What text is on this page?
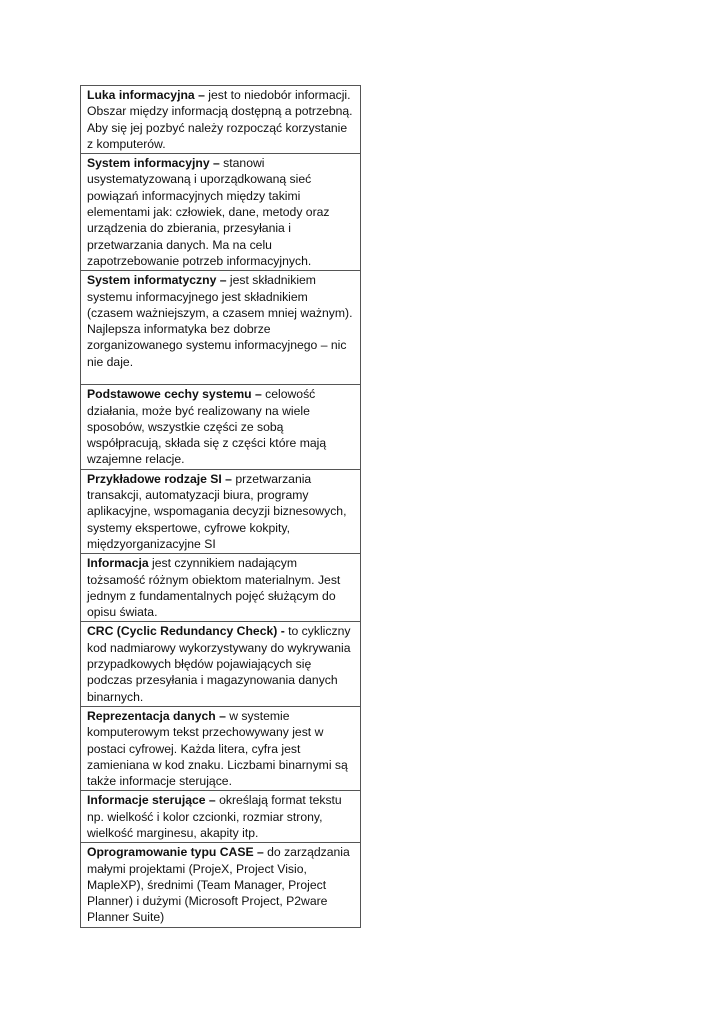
Luka informacyjna – jest to niedobór informacji. Obszar między informacją dostępną a potrzebną. Aby się jej pozbyć należy rozpocząć korzystanie z komputerów.
System informacyjny – stanowi usystematyzowaną i uporządkowaną sieć powiązań informacyjnych między takimi elementami jak: człowiek, dane, metody oraz urządzenia do zbierania, przesyłania i przetwarzania danych. Ma na celu zapotrzebowanie potrzeb informacyjnych.
System informatyczny – jest składnikiem systemu informacyjnego jest składnikiem (czasem ważniejszym, a czasem mniej ważnym). Najlepsza informatyka bez dobrze zorganizowanego systemu informacyjnego – nic nie daje.
Podstawowe cechy systemu – celowość działania, może być realizowany na wiele sposobów, wszystkie części ze sobą współpracują, składa się z części które mają wzajemne relacje.
Przykładowe rodzaje SI – przetwarzania transakcji, automatyzacji biura, programy aplikacyjne, wspomagania decyzji biznesowych, systemy ekspertowe, cyfrowe kokpity, międzyorganizacyjne SI
Informacja jest czynnikiem nadającym tożsamość różnym obiektom materialnym. Jest jednym z fundamentalnych pojęć służącym do opisu świata.
CRC (Cyclic Redundancy Check) - to cykliczny kod nadmiarowy wykorzystywany do wykrywania przypadkowych błędów pojawiających się podczas przesyłania i magazynowania danych binarnych.
Reprezentacja danych – w systemie komputerowym tekst przechowywany jest w postaci cyfrowej. Każda litera, cyfra jest zamieniana w kod znaku. Liczbami binarnymi są także informacje sterujące.
Informacje sterujące – określają format tekstu np. wielkość i kolor czcionki, rozmiar strony, wielkość marginesu, akapity itp.
Oprogramowanie typu CASE – do zarządzania małymi projektami (ProjeX, Project Visio, MapleXP), średnimi (Team Manager, Project Planner) i dużymi (Microsoft Project, P2ware Planner Suite)
